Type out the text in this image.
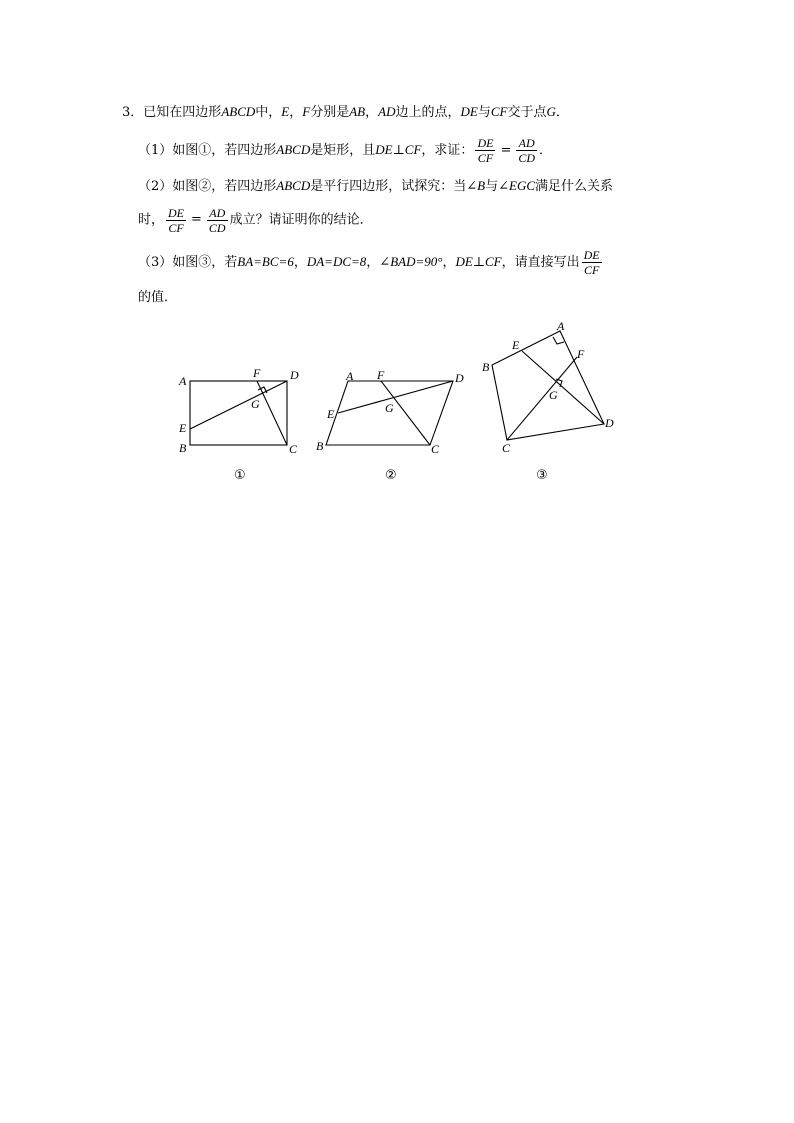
3．已知在四边形ABCD中，E，F分别是AB，AD边上的点，DE与CF交于点G．
（1）如图①，若四边形ABCD是矩形，且DE⊥CF，求证： $\frac{DE}{CF} = \frac{AD}{CD}$ ．
（2）如图②，若四边形ABCD是平行四边形，试探究：当∠B与∠EGC满足什么关系
时， $\frac{DE}{CF} = \frac{AD}{CD}$ 成立？请证明你的结论．
（3）如图③，若BA=BC=6，DA=DC=8，∠BAD=90°，DE⊥CF，请直接写出 $\frac{DE}{CF}$
的值．
A
B	C
D
E
F
G
A
B	C
D
E
F
G
A
B
C
D
E
F
G
①	②	③
